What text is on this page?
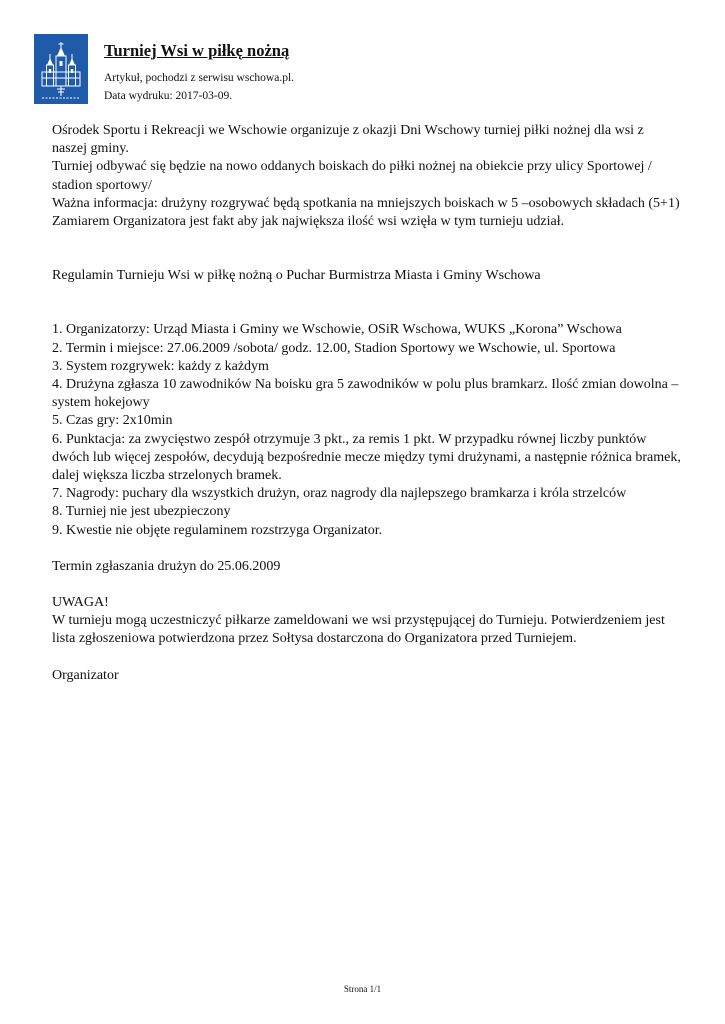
Turniej Wsi w piłkę nożną
Artykuł, pochodzi z serwisu wschowa.pl.
Data wydruku: 2017-03-09.

Ośrodek Sportu i Rekreacji we Wschowie organizuje z okazji Dni Wschowy turniej piłki nożnej dla wsi z naszej gminy.

Turniej odbywać się będzie na nowo oddanych boiskach do piłki nożnej na obiekcie przy ulicy Sportowej / stadion sportowy/

Ważna informacja: drużyny rozgrywać będą spotkania na mniejszych boiskach w 5 –osobowych składach (5+1)

Zamiarem Organizatora jest fakt aby jak największa ilość wsi wzięła w tym turnieju udział.

Regulamin Turnieju Wsi w piłkę nożną o Puchar Burmistrza Miasta i Gminy Wschowa

1. Organizatorzy: Urząd Miasta i Gminy we Wschowie, OSiR Wschowa, WUKS „Korona” Wschowa
2. Termin i miejsce: 27.06.2009 /sobota/ godz. 12.00, Stadion Sportowy we Wschowie, ul. Sportowa
3. System rozgrywek: każdy z każdym
4. Drużyna zgłasza 10 zawodników Na boisku gra 5 zawodników w polu plus bramkarz. Ilość zmian dowolna – system hokejowy
5. Czas gry: 2x10min
6. Punktacja: za zwycięstwo zespół otrzymuje 3 pkt., za remis 1 pkt. W przypadku równej liczby punktów dwóch lub więcej zespołów, decydują bezpośrednie mecze między tymi drużynami, a następnie różnica bramek, dalej większa liczba strzelonych bramek.
7. Nagrody: puchary dla wszystkich drużyn, oraz nagrody dla najlepszego bramkarza i króla strzelców
8. Turniej nie jest ubezpieczony
9. Kwestie nie objęte regulaminem rozstrzyga Organizator.

Termin zgłaszania drużyn do 25.06.2009

UWAGA!

W turnieju mogą uczestniczyć piłkarze zameldowani we wsi przystępującej do Turnieju. Potwierdzeniem jest lista zgłoszeniowa potwierdzona przez Sołtysa dostarczona do Organizatora przed Turniejem.

Organizator

Strona 1/1
